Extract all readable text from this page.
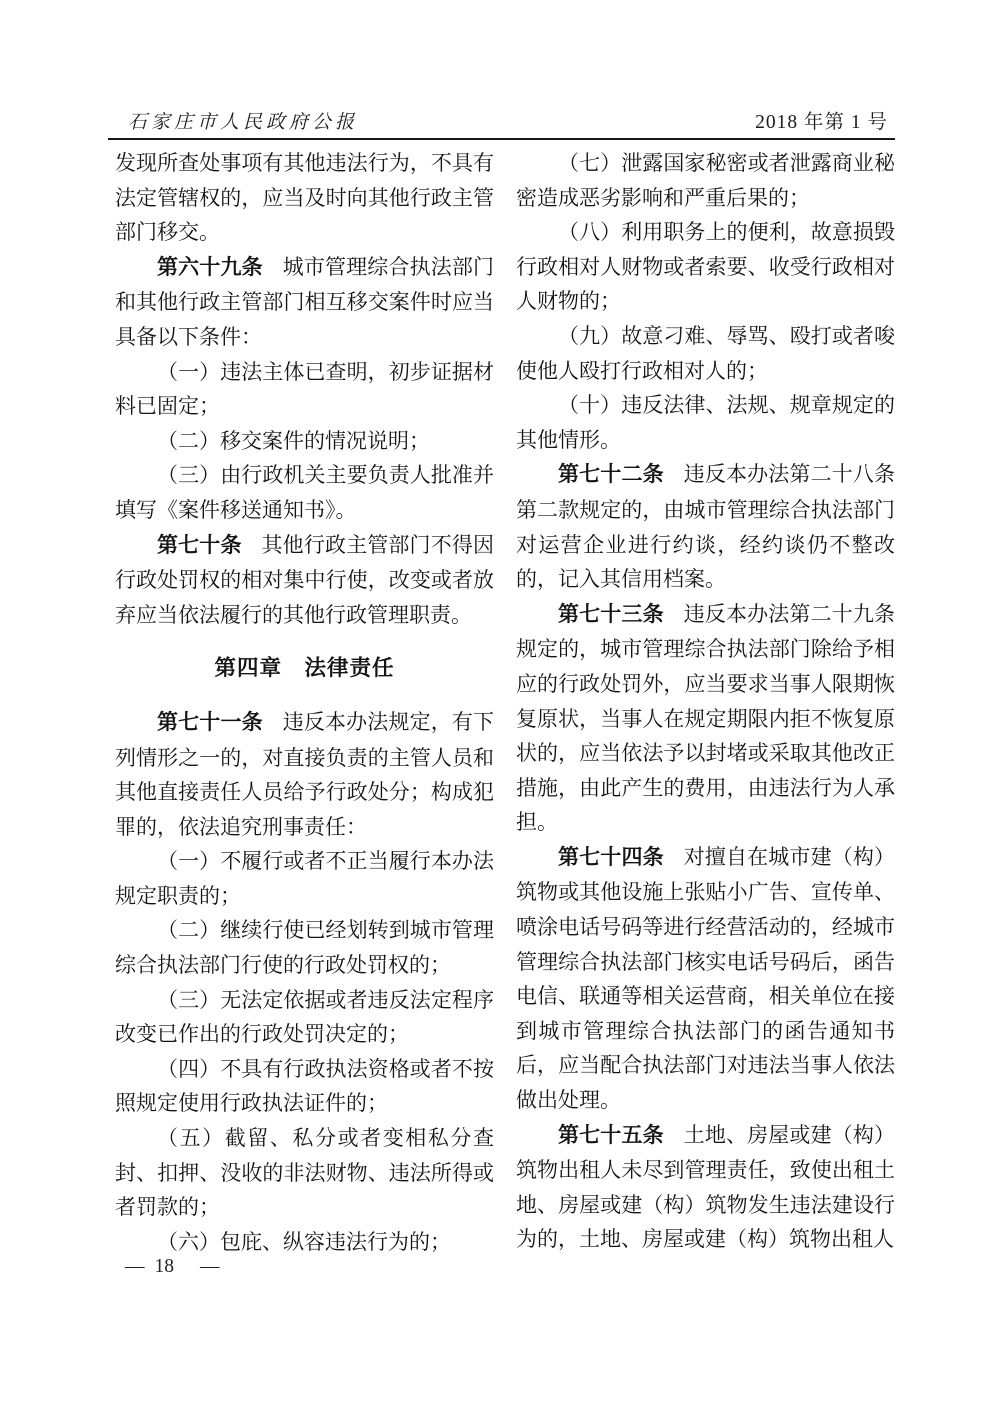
石家庄市人民政府公报	2018 年第 1 号

发现所查处事项有其他违法行为，不具有法定管辖权的，应当及时向其他行政主管部门移交。

第六十九条 城市管理综合执法部门和其他行政主管部门相互移交案件时应当具备以下条件：

（一）违法主体已查明，初步证据材料已固定；

（二）移交案件的情况说明；

（三）由行政机关主要负责人批准并填写《案件移送通知书》。

第七十条 其他行政主管部门不得因行政处罚权的相对集中行使，改变或者放弃应当依法履行的其他行政管理职责。

第四章　法律责任

第七十一条 违反本办法规定，有下列情形之一的，对直接负责的主管人员和其他直接责任人员给予行政处分；构成犯罪的，依法追究刑事责任：

（一）不履行或者不正当履行本办法规定职责的；

（二）继续行使已经划转到城市管理综合执法部门行使的行政处罚权的；

（三）无法定依据或者违反法定程序改变已作出的行政处罚决定的；

（四）不具有行政执法资格或者不按照规定使用行政执法证件的；

（五）截留、私分或者变相私分查封、扣押、没收的非法财物、违法所得或者罚款的；

（六）包庇、纵容违法行为的；

（七）泄露国家秘密或者泄露商业秘密造成恶劣影响和严重后果的；

（八）利用职务上的便利，故意损毁行政相对人财物或者索要、收受行政相对人财物的；

（九）故意刁难、辱骂、殴打或者唆使他人殴打行政相对人的；

（十）违反法律、法规、规章规定的其他情形。

第七十二条 违反本办法第二十八条第二款规定的，由城市管理综合执法部门对运营企业进行约谈，经约谈仍不整改的，记入其信用档案。

第七十三条 违反本办法第二十九条规定的，城市管理综合执法部门除给予相应的行政处罚外，应当要求当事人限期恢复原状，当事人在规定期限内拒不恢复原状的，应当依法予以封堵或采取其他改正措施，由此产生的费用，由违法行为人承担。

第七十四条 对擅自在城市建（构）筑物或其他设施上张贴小广告、宣传单、喷涂电话号码等进行经营活动的，经城市管理综合执法部门核实电话号码后，函告电信、联通等相关运营商，相关单位在接到城市管理综合执法部门的函告通知书后，应当配合执法部门对违法当事人依法做出处理。

第七十五条 土地、房屋或建（构）筑物出租人未尽到管理责任，致使出租土地、房屋或建（构）筑物发生违法建设行为的，土地、房屋或建（构）筑物出租人

— 18 —
